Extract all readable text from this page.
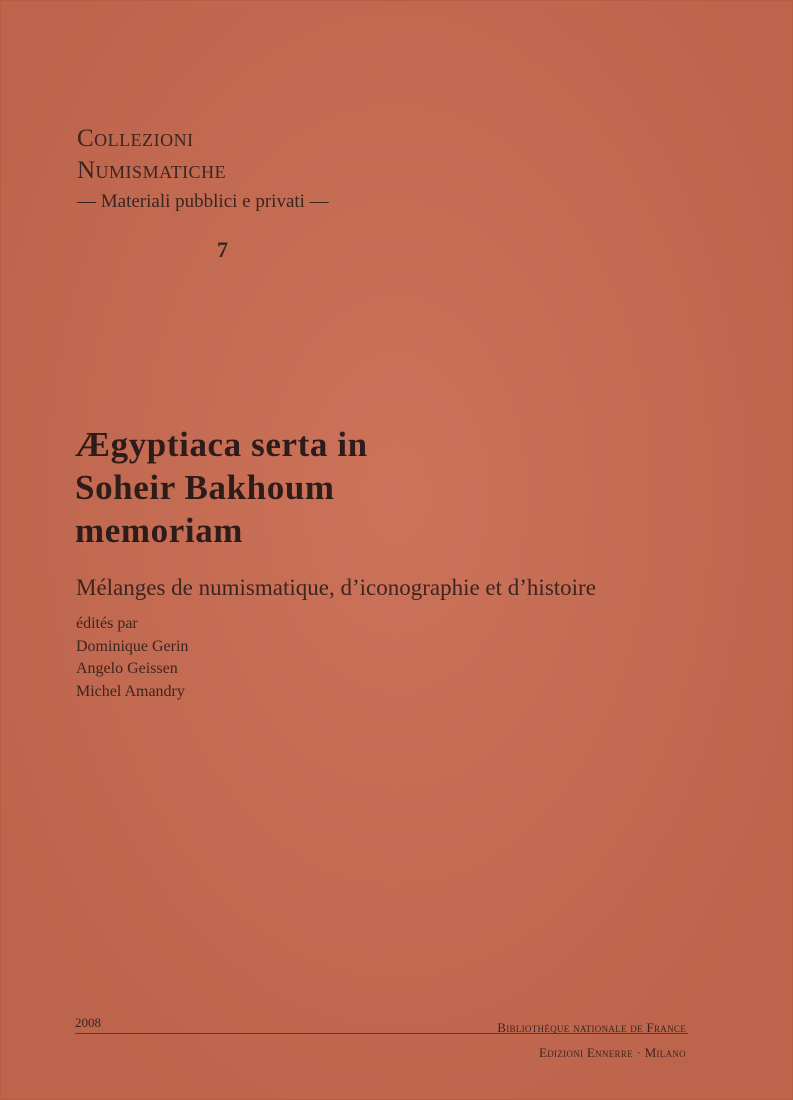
Collezioni
Numismatiche
— Materiali pubblici e privati —
7
Ægyptiaca serta in
Soheir Bakhoum
memoriam
Mélanges de numismatique, d’iconographie et d’histoire
édités par
Dominique Gerin
Angelo Geissen
Michel Amandry
2008	Bibliothèque nationale de France
Edizioni Ennerre · Milano
